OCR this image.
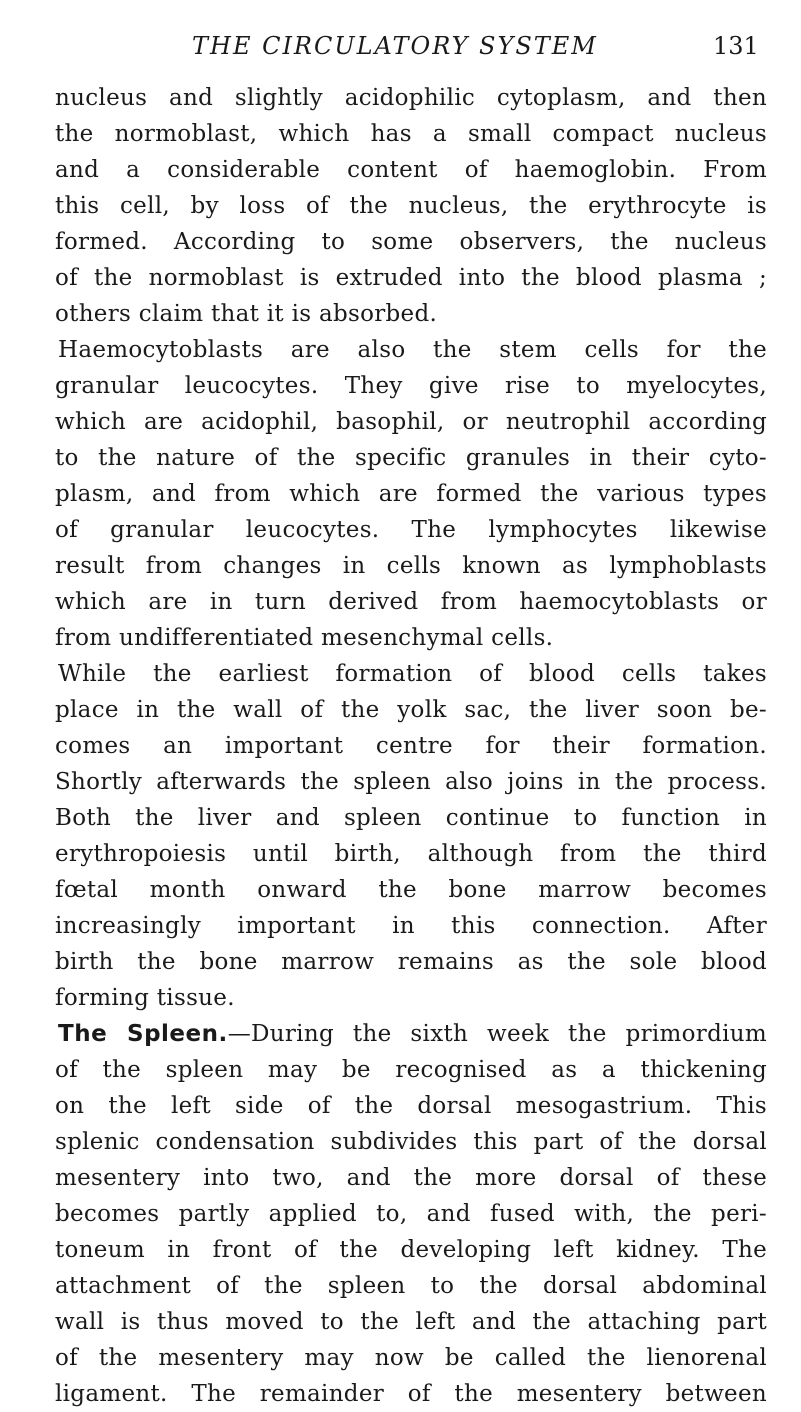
THE CIRCULATORY SYSTEM	131
nucleus and slightly acidophilic cytoplasm, and then
the normoblast, which has a small compact nucleus
and a considerable content of haemoglobin. From
this cell, by loss of the nucleus, the erythrocyte is
formed. According to some observers, the nucleus
of the normoblast is extruded into the blood plasma ;
others claim that it is absorbed.
Haemocytoblasts are also the stem cells for the
granular leucocytes. They give rise to myelocytes,
which are acidophil, basophil, or neutrophil according
to the nature of the specific granules in their cyto-
plasm, and from which are formed the various types
of granular leucocytes. The lymphocytes likewise
result from changes in cells known as lymphoblasts
which are in turn derived from haemocytoblasts or
from undifferentiated mesenchymal cells.
While the earliest formation of blood cells takes
place in the wall of the yolk sac, the liver soon be-
comes an important centre for their formation.
Shortly afterwards the spleen also joins in the process.
Both the liver and spleen continue to function in
erythropoiesis until birth, although from the third
fœtal month onward the bone marrow becomes
increasingly important in this connection. After
birth the bone marrow remains as the sole blood
forming tissue.
The Spleen.—During the sixth week the primordium
of the spleen may be recognised as a thickening
on the left side of the dorsal mesogastrium. This
splenic condensation subdivides this part of the dorsal
mesentery into two, and the more dorsal of these
becomes partly applied to, and fused with, the peri-
toneum in front of the developing left kidney. The
attachment of the spleen to the dorsal abdominal
wall is thus moved to the left and the attaching part
of the mesentery may now be called the lienorenal
ligament. The remainder of the mesentery between
